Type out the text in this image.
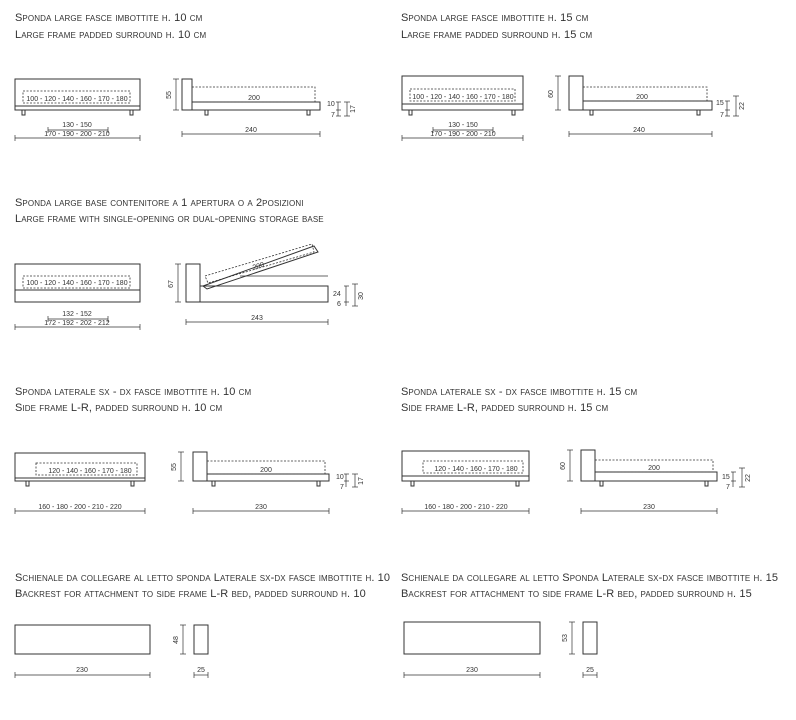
Sponda large fasce imbottite h. 10 cm
Large frame padded surround h. 10 cm
Sponda large fasce imbottite h. 15 cm
Large frame padded surround h. 15 cm
Sponda large base contenitore a 1 apertura o a 2posizioni
Large frame with single-opening or dual-opening storage base
Sponda laterale sx - dx fasce imbottite h. 10 cm
Side frame L-R, padded surround h. 10 cm
Sponda laterale sx - dx fasce imbottite h. 15 cm
Side frame L-R, padded surround h. 15 cm
Schienale da collegare al letto sponda Laterale sx-dx fasce imbottite h. 10
Backrest for attachment to side frame L-R bed, padded surround h. 10
Schienale da collegare al letto Sponda Laterale sx-dx fasce imbottite h. 15
Backrest for attachment to side frame L-R bed, padded surround h. 15
100 - 120 - 140 - 160 - 170 - 180
130 - 150
170 - 190 - 200 - 210
55	200
240
10
7
17
100 - 120 - 140 - 160 - 170 - 180
130 - 150
170 - 190 - 200 - 210
60	200
240
15
7
22
100 - 120 - 140 - 160 - 170 - 180
132 - 152
172 - 192 - 202 - 212
67
200
243
24
6
30
120 - 140 - 160 - 170 - 180
160 - 180 - 200 - 210 - 220
55	200
230
10
7
17
120 - 140 - 160 - 170 - 180
160 - 180 - 200 - 210 - 220
60	200
230
15
7
22
230
48
25	230
53
25
